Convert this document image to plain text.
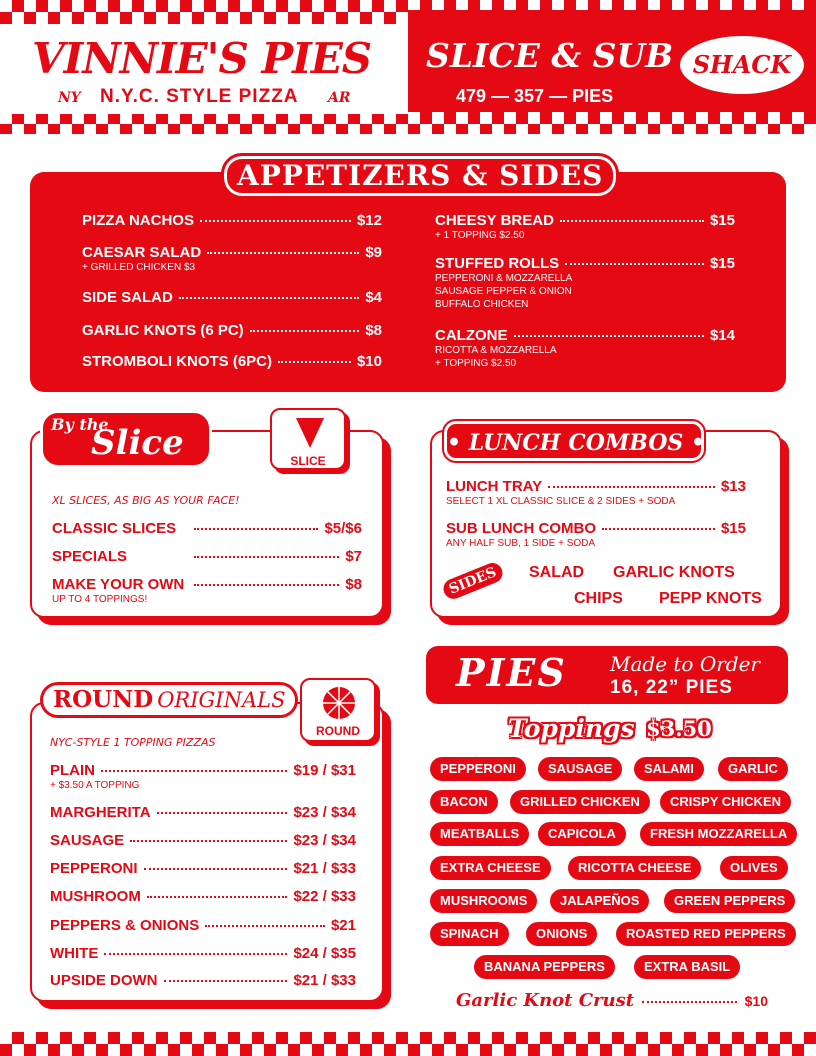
VINNIE'S PIES
NY N.Y.C. STYLE PIZZA AR
SLICE & SUB SHACK
479 — 357 — PIES
PIZZA NACHOS	$12
CAESAR SALAD	$9
+ GRILLED CHICKEN $3
SIDE SALAD	$4
GARLIC KNOTS (6 PC)	$8
STROMBOLI KNOTS (6PC)	$10
CHEESY BREAD	$15
+ 1 TOPPING $2.50
STUFFED ROLLS	$15
PEPPERONI & MOZZARELLA
SAUSAGE PEPPER & ONION
BUFFALO CHICKEN
CALZONE	$14
RICOTTA & MOZZARELLA
+ TOPPING $2.50
APPETIZERS & SIDES
XL SLICES, AS BIG AS YOUR FACE!
CLASSIC SLICES	$5/$6
SPECIALS	$7
MAKE YOUR OWN	$8
UP TO 4 TOPPINGS!
By the
Slice	SLICE
LUNCH TRAY	$13
SELECT 1 XL CLASSIC SLICE & 2 SIDES + SODA
SUB LUNCH COMBO	$15
ANY HALF SUB, 1 SIDE + SODA
• LUNCH COMBOS •
SIDES	SALAD GARLIC KNOTS
CHIPS PEPP KNOTS
NYC-STYLE 1 TOPPING PIZZAS
PLAIN	$19 / $31
+ $3.50 A TOPPING
MARGHERITA	$23 / $34
SAUSAGE	$23 / $34
PEPPERONI	$21 / $33
MUSHROOM	$22 / $33
PEPPERS & ONIONS	$21
WHITE	$24 / $35
UPSIDE DOWN	$21 / $33
ROUND ORIGINALS
ROUND
PIES Made to Order
16, 22” PIES
Toppings $3.50
PEPPERONI	SAUSAGE	SALAMI	GARLIC
BACON	GRILLED CHICKEN	CRISPY CHICKEN
MEATBALLS	CAPICOLA	FRESH MOZZARELLA
EXTRA CHEESE	RICOTTA CHEESE	OLIVES
MUSHROOMS	JALAPEÑOS	GREEN PEPPERS
SPINACH	ONIONS	ROASTED RED PEPPERS
BANANA PEPPERS	EXTRA BASIL
Garlic Knot Crust	$10
